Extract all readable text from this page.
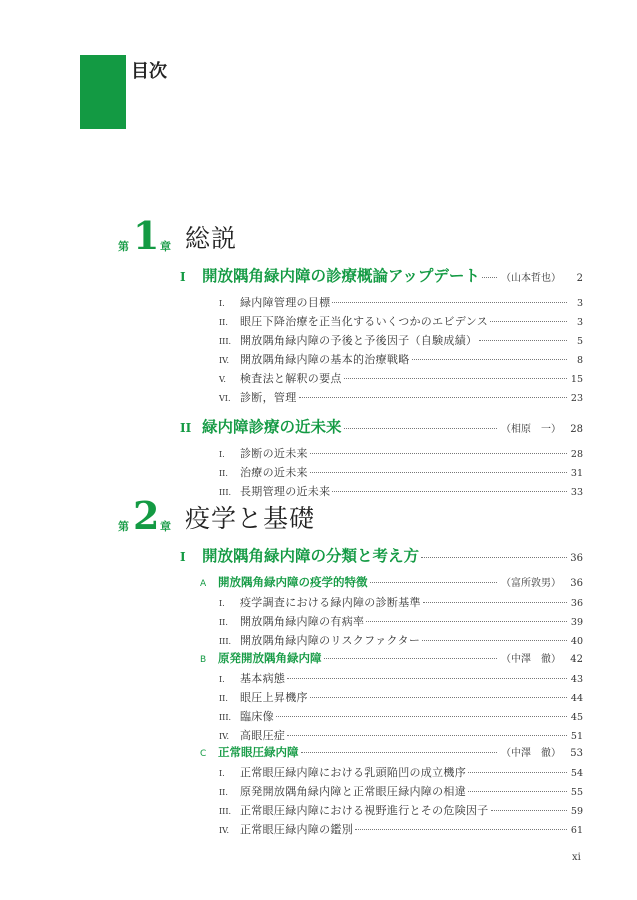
目次
第 1 章 総説
I	開放隅角緑内障の診療概論アップデート （山本哲也）	2
I.	緑内障管理の目標	3
II.	眼圧下降治療を正当化するいくつかのエビデンス	3
III. 開放隅角緑内障の予後と予後因子（自験成績）	5
IV. 開放隅角緑内障の基本的治療戦略	8
V.	検査法と解釈の要点	15
VI. 診断，管理	23
II 緑内障診療の近未来	（相原　一） 28
I.	診断の近未来	28
II.	治療の近未来	31
III. 長期管理の近未来	33
第 2 章 疫学と基礎
I	開放隅角緑内障の分類と考え方	36
A	開放隅角緑内障の疫学的特徴	（富所敦男） 36
I.	疫学調査における緑内障の診断基準	36
II.	開放隅角緑内障の有病率	39
III. 開放隅角緑内障のリスクファクター	40
B	原発開放隅角緑内障	（中澤　徹） 42
I.	基本病態	43
II.	眼圧上昇機序	44
III. 臨床像	45
IV. 高眼圧症	51
C	正常眼圧緑内障	（中澤　徹） 53
I.	正常眼圧緑内障における乳頭陥凹の成立機序	54
II.	原発開放隅角緑内障と正常眼圧緑内障の相違	55
III. 正常眼圧緑内障における視野進行とその危険因子	59
IV. 正常眼圧緑内障の鑑別	61
xi
